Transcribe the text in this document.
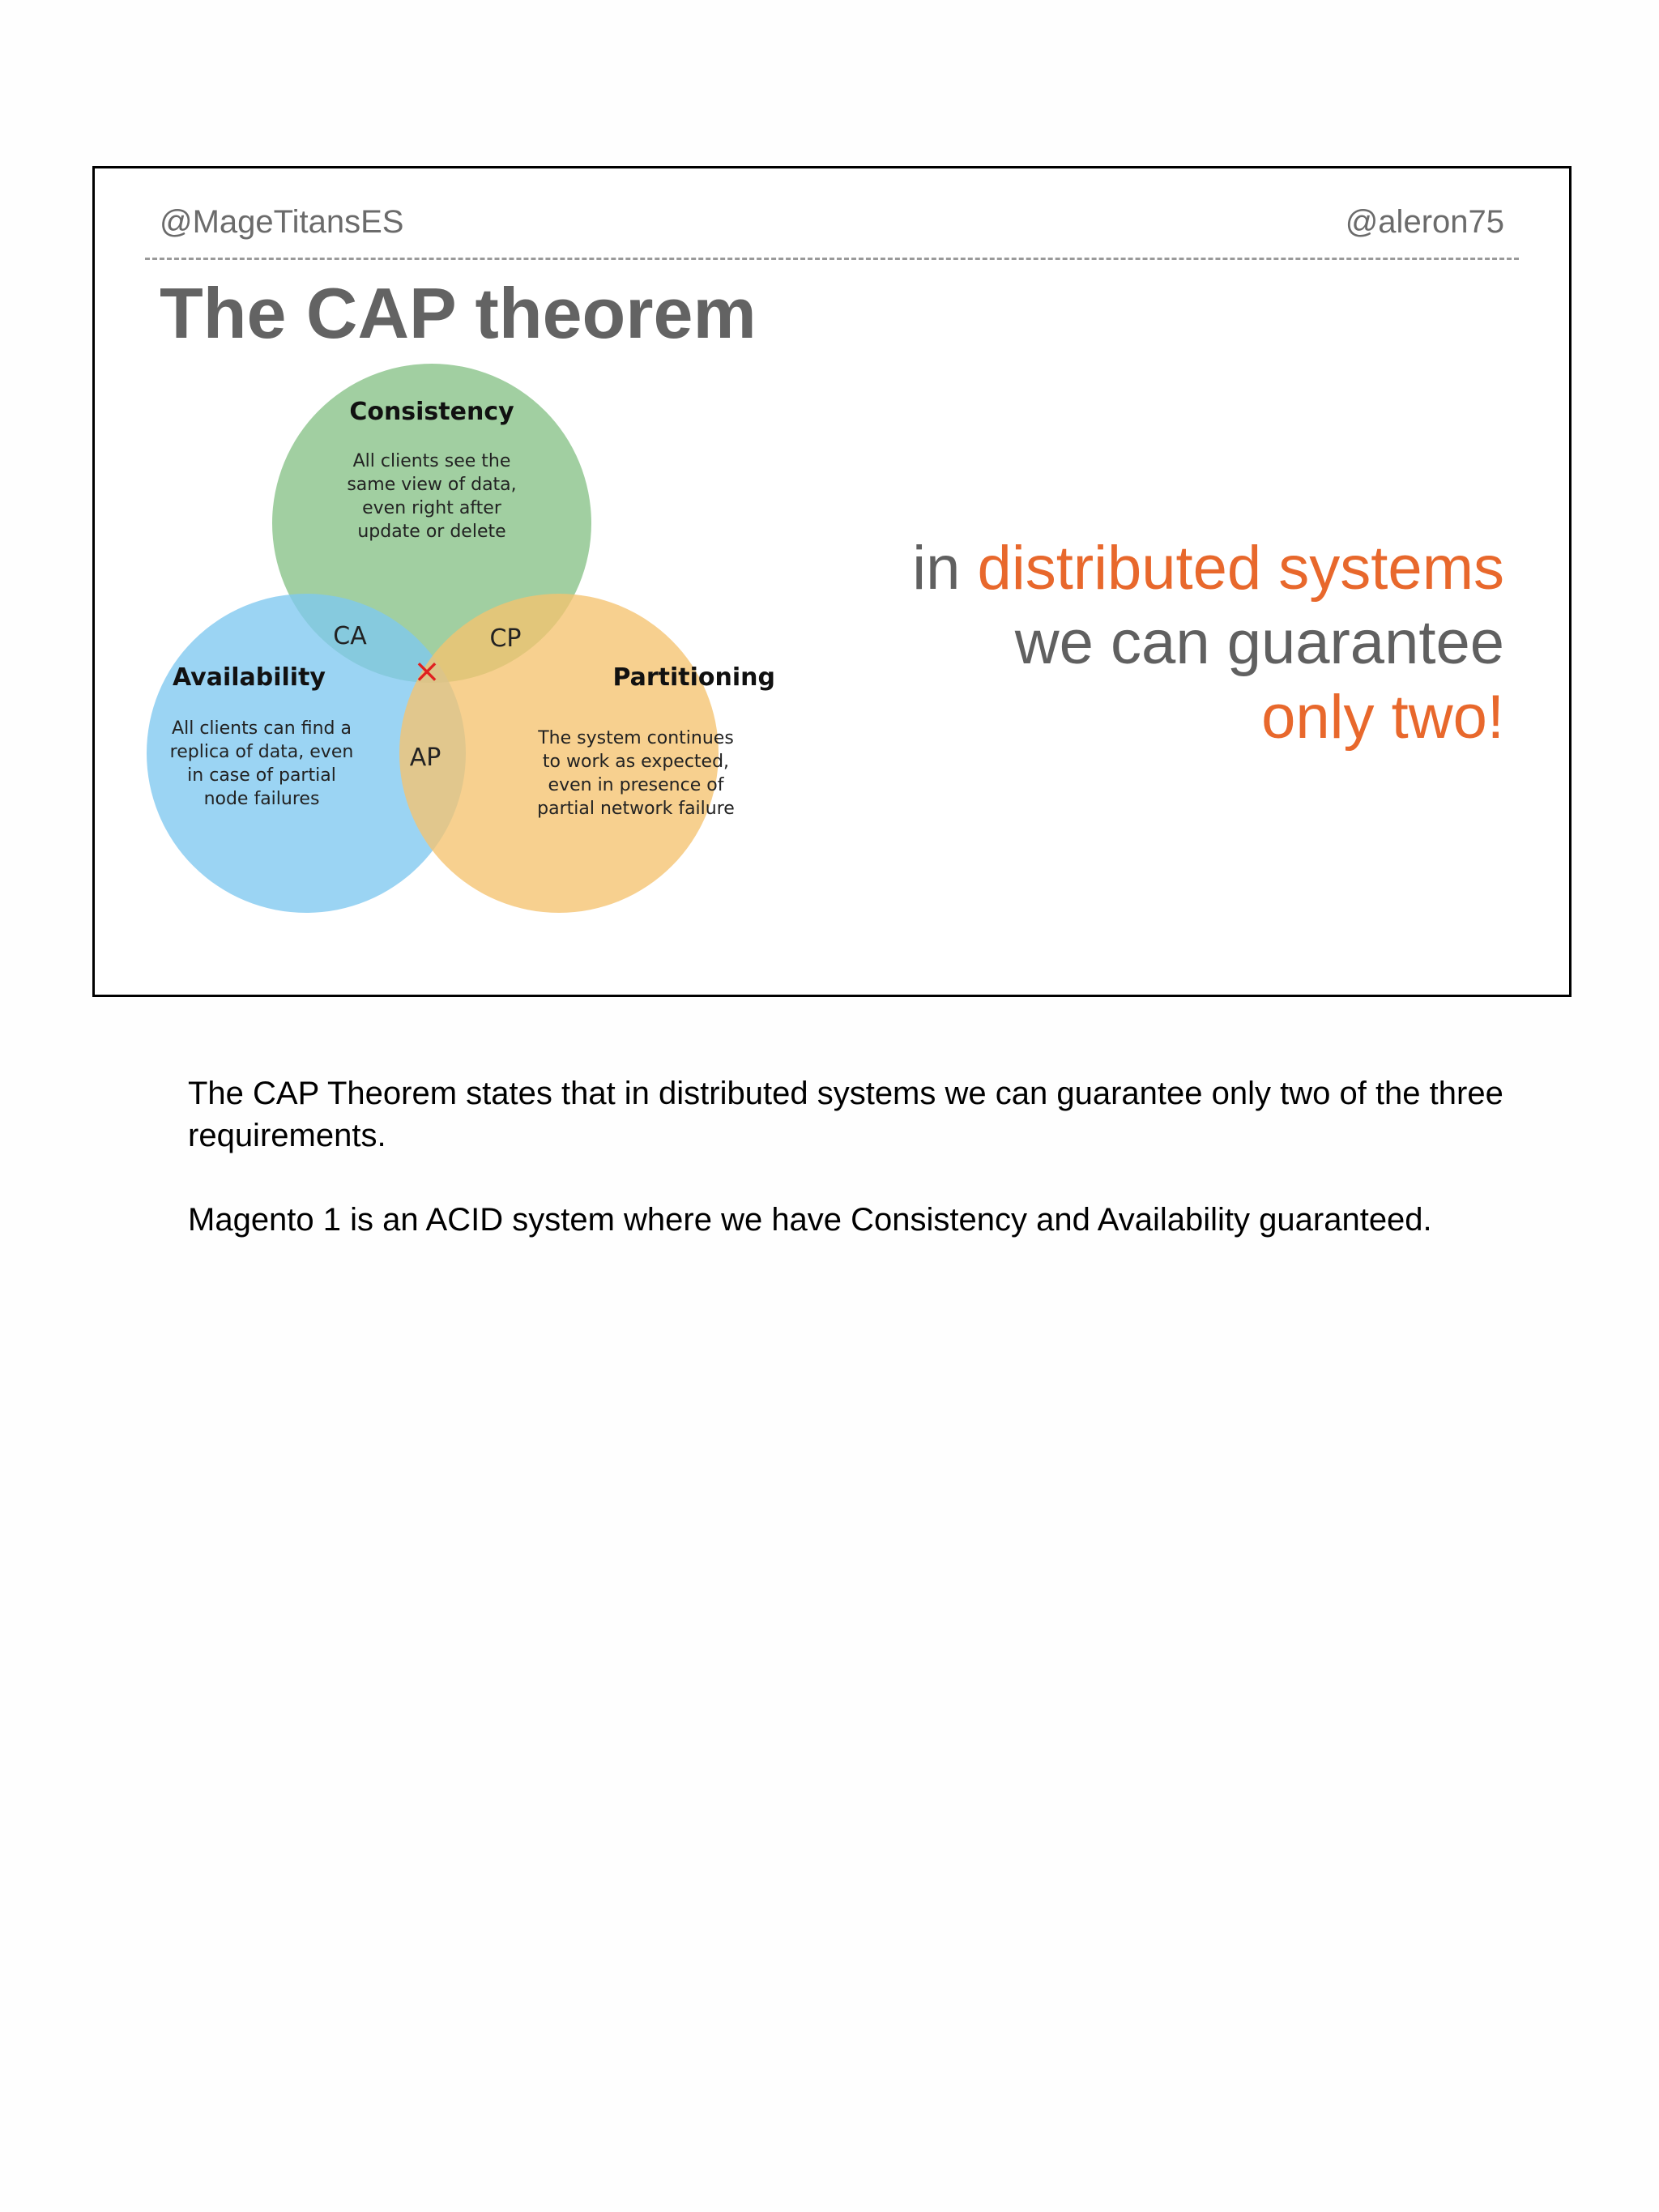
@MageTitansES	@aleron75
The CAP theorem
Consistency
All clients see the
same view of data,
even right after
update or delete
Availability
All clients can find a
replica of data, even
in case of partial
node failures
Partitioning
The system continues
to work as expected,
even in presence of
partial network failure
CA	CP
AP
×
in distributed systems
we can guarantee
only two!

The CAP Theorem states that in distributed systems we can guarantee only two of the three requirements.

Magento 1 is an ACID system where we have Consistency and Availability guaranteed.
